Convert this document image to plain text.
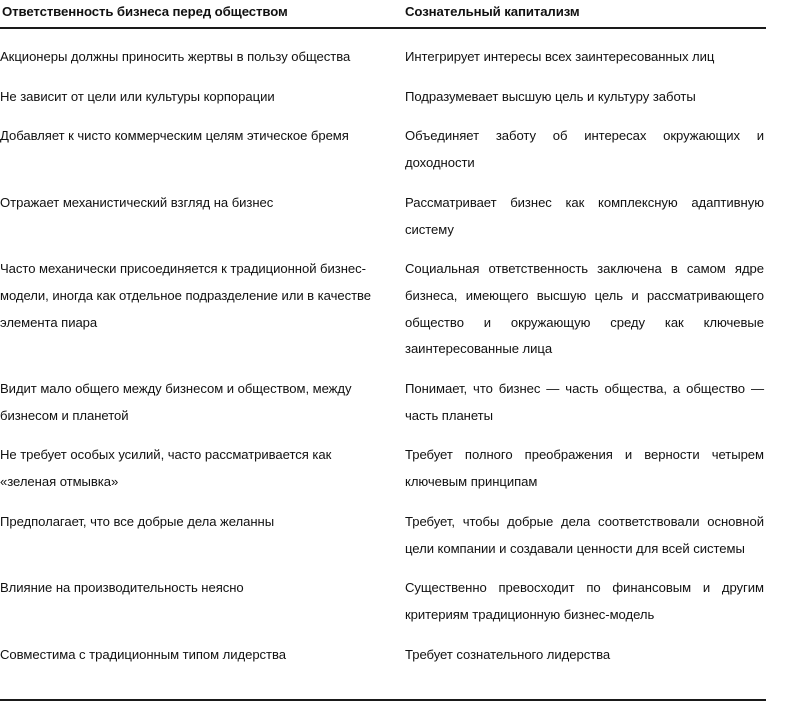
Ответственность бизнеса перед обществом	Сознательный капитализм

Акционеры должны приносить жертвы в пользу общества	Интегрирует интересы всех заинтересованных лиц

Не зависит от цели или культуры корпорации	Подразумевает высшую цель и культуру заботы

Добавляет к чисто коммерческим целям этическое бремя	Объединяет заботу об интересах окружающих и доходности

Отражает механистический взгляд на бизнес	Рассматривает бизнес как комплексную адаптивную систему

Часто механически присоединяется к традиционной бизнес-модели, иногда как отдельное подразделение или в качестве элемента пиара	Социальная ответственность заключена в самом ядре бизнеса, имеющего высшую цель и рассматривающего общество и окружающую среду как ключевые заинтересованные лица

Видит мало общего между бизнесом и обществом, между бизнесом и планетой	Понимает, что бизнес — часть общества, а общество — часть планеты

Не требует особых усилий, часто рассматривается как «зеленая отмывка»	Требует полного преображения и верности четырем ключевым принципам

Предполагает, что все добрые дела желанны	Требует, чтобы добрые дела соответствовали основной цели компании и создавали ценности для всей системы

Влияние на производительность неясно	Существенно превосходит по финансовым и другим критериям традиционную бизнес-модель

Совместима с традиционным типом лидерства	Требует сознательного лидерства
